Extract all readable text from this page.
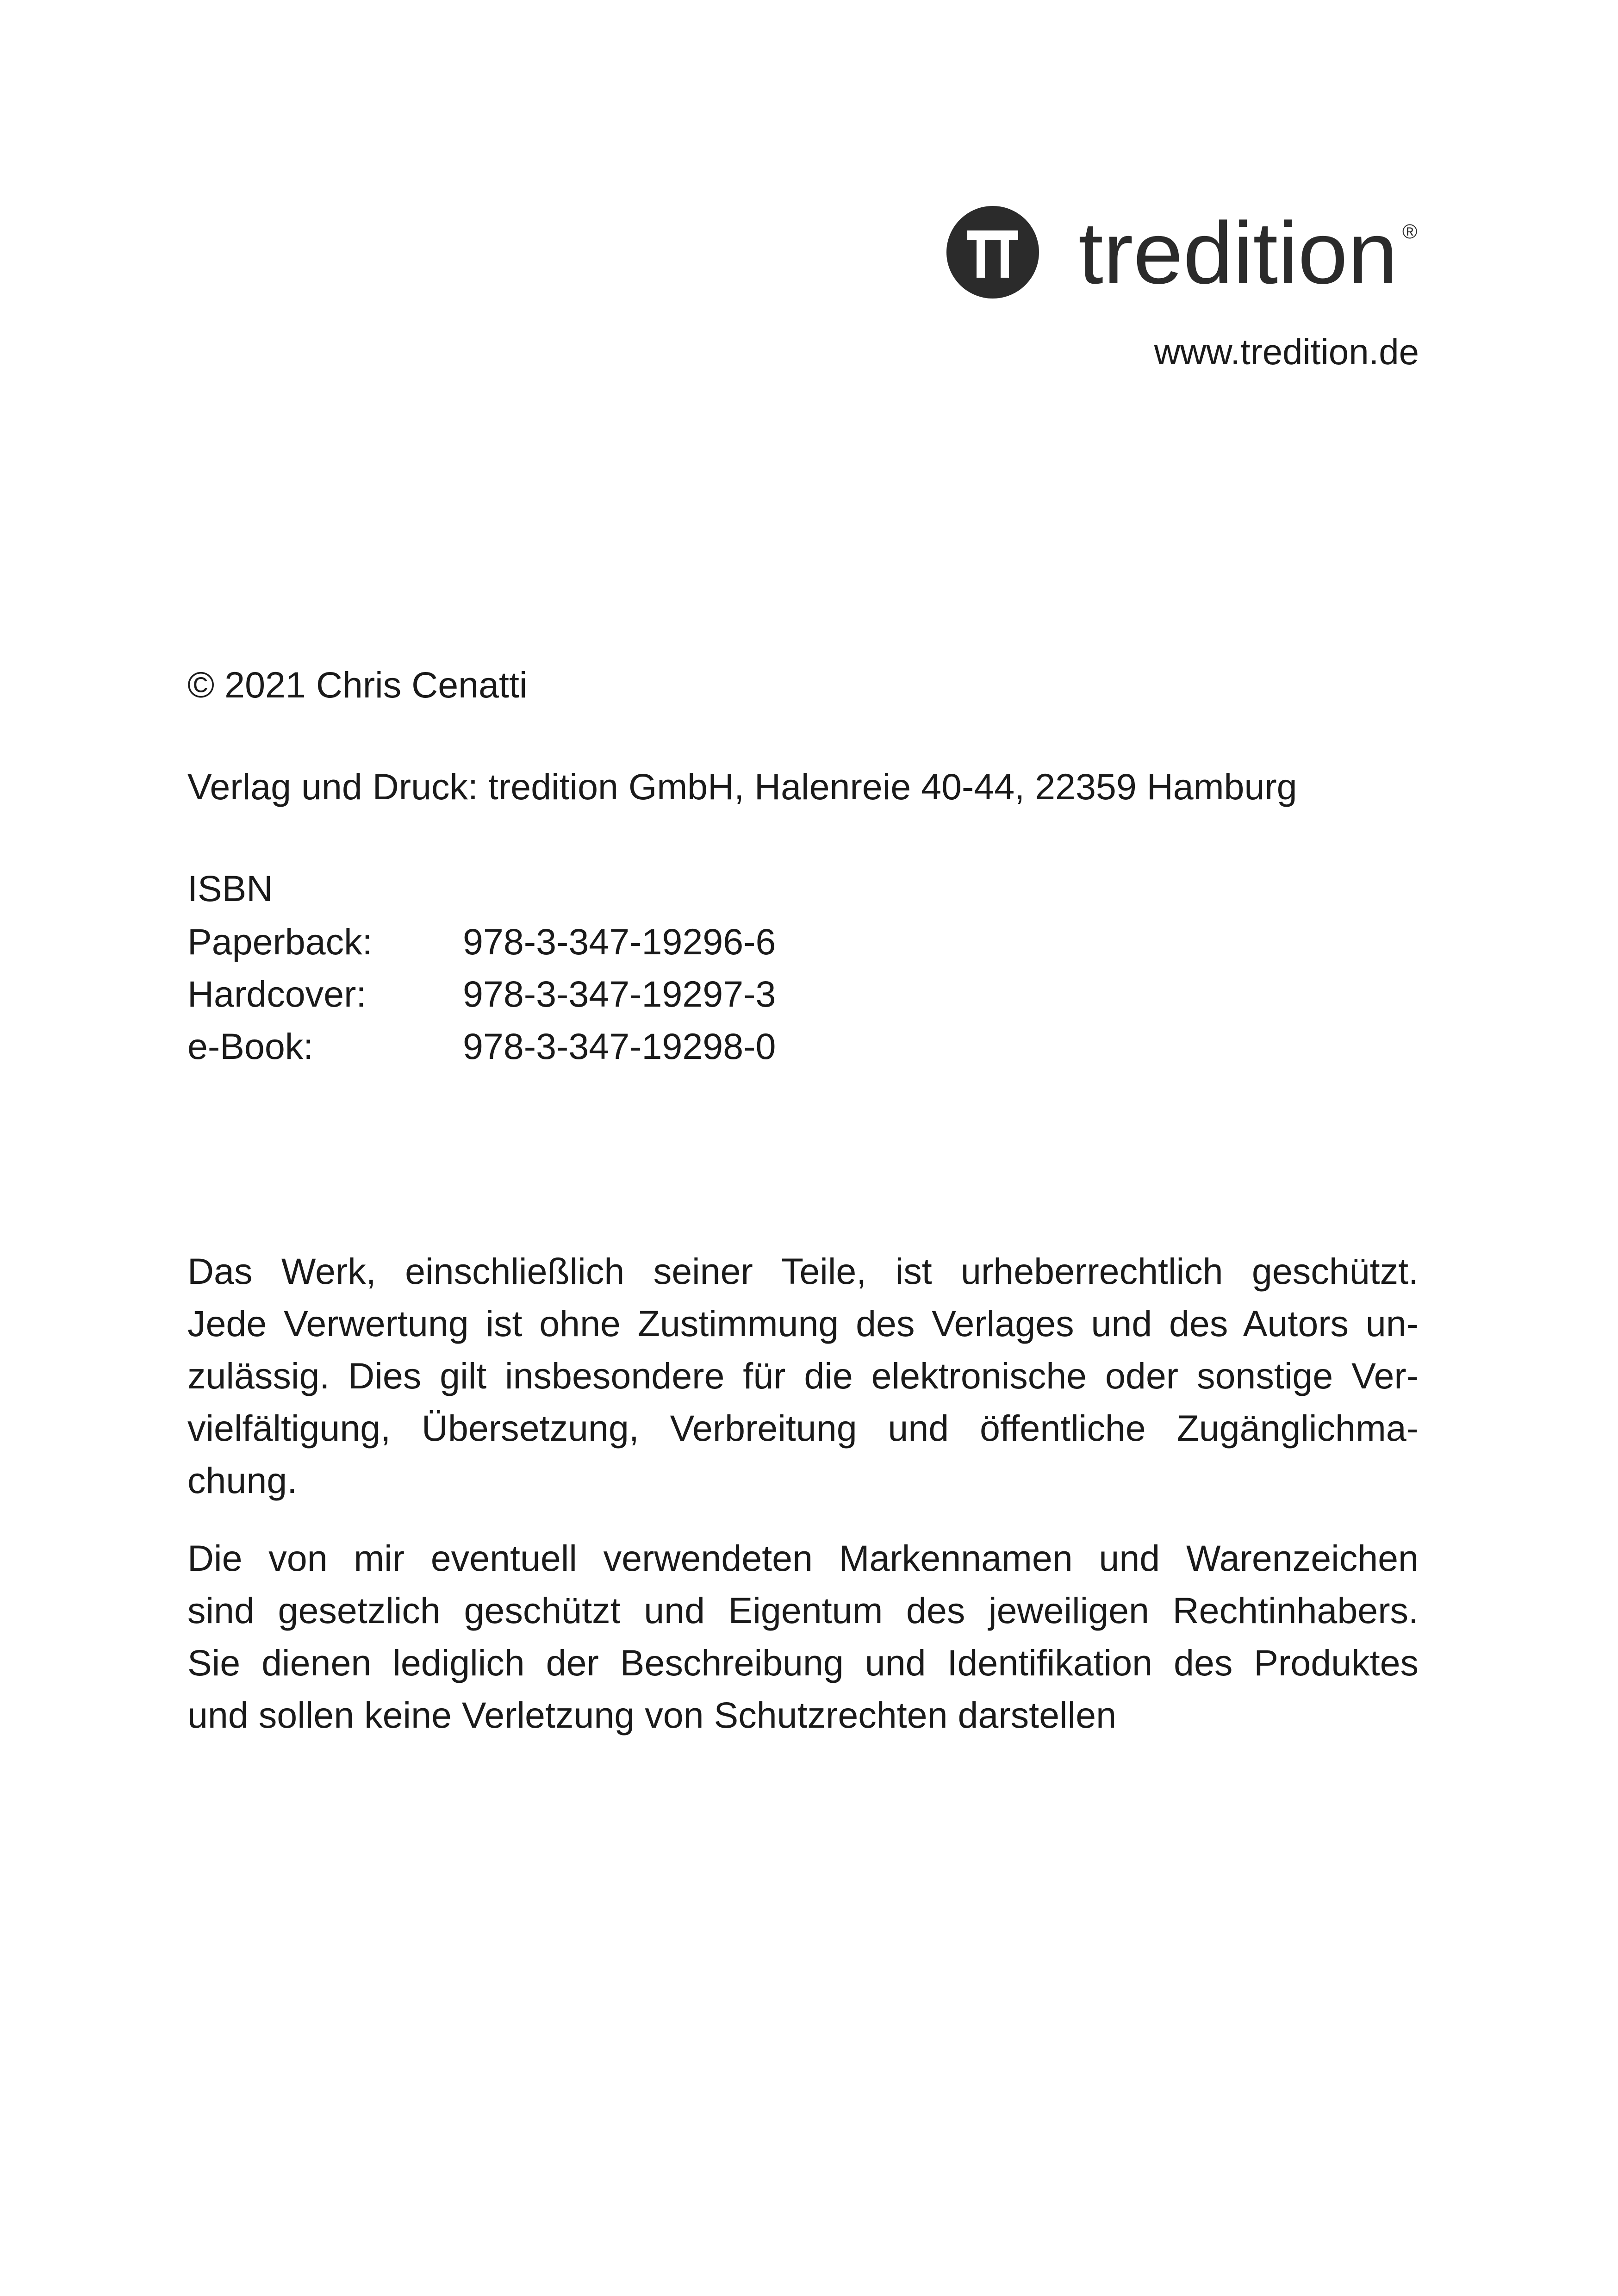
tredition ®
www.tredition.de
© 2021 Chris Cenatti
Verlag und Druck: tredition GmbH, Halenreie 40-44, 22359 Hamburg
ISBN
Paperback: 978-3-347-19296-6
Hardcover:	978-3-347-19297-3
e-Book:	978-3-347-19298-0

Das Werk, einschließlich seiner Teile, ist urheberrechtlich geschützt.

Jede Verwertung ist ohne Zustimmung des Verlages und des Autors un-

zulässig. Dies gilt insbesondere für die elektronische oder sonstige Ver-

vielfältigung, Übersetzung, Verbreitung und öffentliche Zugänglichma-

chung.

Die von mir eventuell verwendeten Markennamen und Warenzeichen

sind gesetzlich geschützt und Eigentum des jeweiligen Rechtinhabers.

Sie dienen lediglich der Beschreibung und Identifikation des Produktes

und sollen keine Verletzung von Schutzrechten darstellen
